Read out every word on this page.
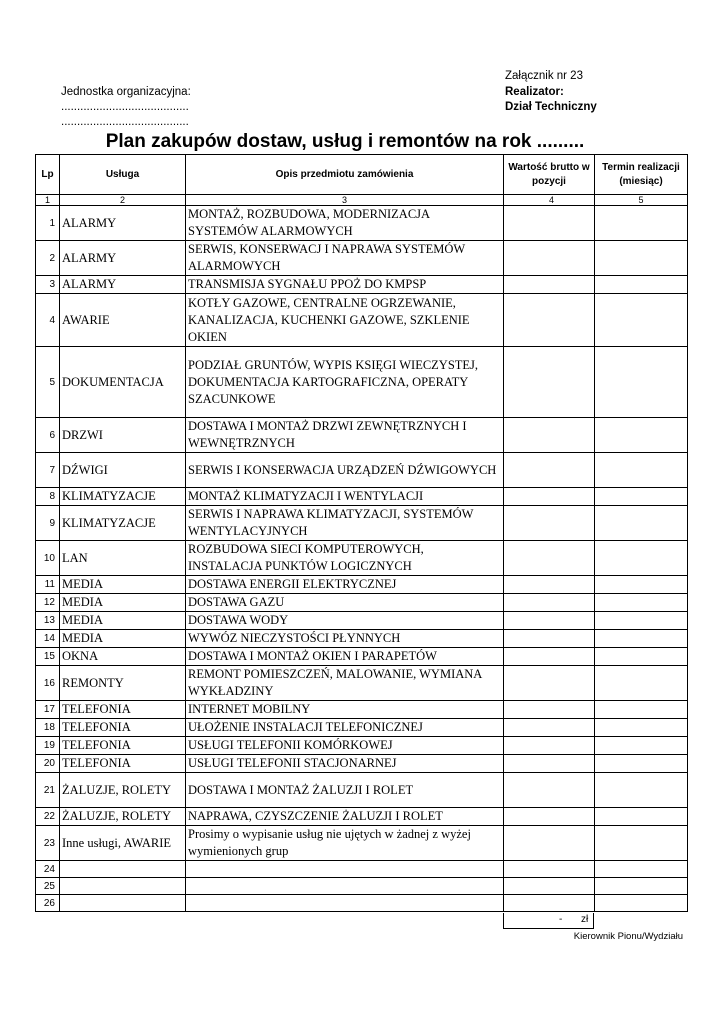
Jednostka organizacyjna:
........................................
........................................
Załącznik nr 23
Realizator:
Dział Techniczny
Plan zakupów dostaw, usług i remontów na rok .........
Lp	Usługa	Opis przedmiotu zamówienia	Wartość brutto w pozycji	Termin realizacji (miesiąc)
1	2	3	4	5
1	ALARMY	MONTAŻ, ROZBUDOWA, MODERNIZACJA SYSTEMÓW ALARMOWYCH		
2	ALARMY	SERWIS, KONSERWACJ I NAPRAWA SYSTEMÓW ALARMOWYCH		
3	ALARMY	TRANSMISJA SYGNAŁU PPOŻ DO KMPSP		
4	AWARIE	KOTŁY GAZOWE, CENTRALNE OGRZEWANIE, KANALIZACJA, KUCHENKI GAZOWE, SZKLENIE OKIEN		
5	DOKUMENTACJA	PODZIAŁ GRUNTÓW, WYPIS KSIĘGI WIECZYSTEJ, DOKUMENTACJA KARTOGRAFICZNA, OPERATY SZACUNKOWE		
6	DRZWI	DOSTAWA I MONTAŻ DRZWI ZEWNĘTRZNYCH I WEWNĘTRZNYCH		
7	DŹWIGI	SERWIS I KONSERWACJA URZĄDZEŃ DŹWIGOWYCH		
8	KLIMATYZACJE	MONTAŻ KLIMATYZACJI I WENTYLACJI		
9	KLIMATYZACJE	SERWIS I NAPRAWA KLIMATYZACJI, SYSTEMÓW WENTYLACYJNYCH		
10	LAN	ROZBUDOWA SIECI KOMPUTEROWYCH, INSTALACJA PUNKTÓW LOGICZNYCH		
11	MEDIA	DOSTAWA ENERGII ELEKTRYCZNEJ		
12	MEDIA	DOSTAWA GAZU		
13	MEDIA	DOSTAWA WODY		
14	MEDIA	WYWÓZ NIECZYSTOŚCI PŁYNNYCH		
15	OKNA	DOSTAWA I MONTAŻ OKIEN I PARAPETÓW		
16	REMONTY	REMONT POMIESZCZEŃ, MALOWANIE, WYMIANA WYKŁADZINY		
17	TELEFONIA	INTERNET MOBILNY		
18	TELEFONIA	UŁOŻENIE INSTALACJI TELEFONICZNEJ		
19	TELEFONIA	USŁUGI TELEFONII KOMÓRKOWEJ		
20	TELEFONIA	USŁUGI TELEFONII STACJONARNEJ		
21	ŻALUZJE, ROLETY	DOSTAWA I MONTAŻ ŻALUZJI I ROLET		
22	ŻALUZJE, ROLETY	NAPRAWA, CZYSZCZENIE ŻALUZJI I ROLET		
23	Inne usługi, AWARIE	Prosimy o wypisanie usług nie ujętych w żadnej z wyżej wymienionych grup		
24				
25				
26				
- zł
Kierownik Pionu/Wydziału
